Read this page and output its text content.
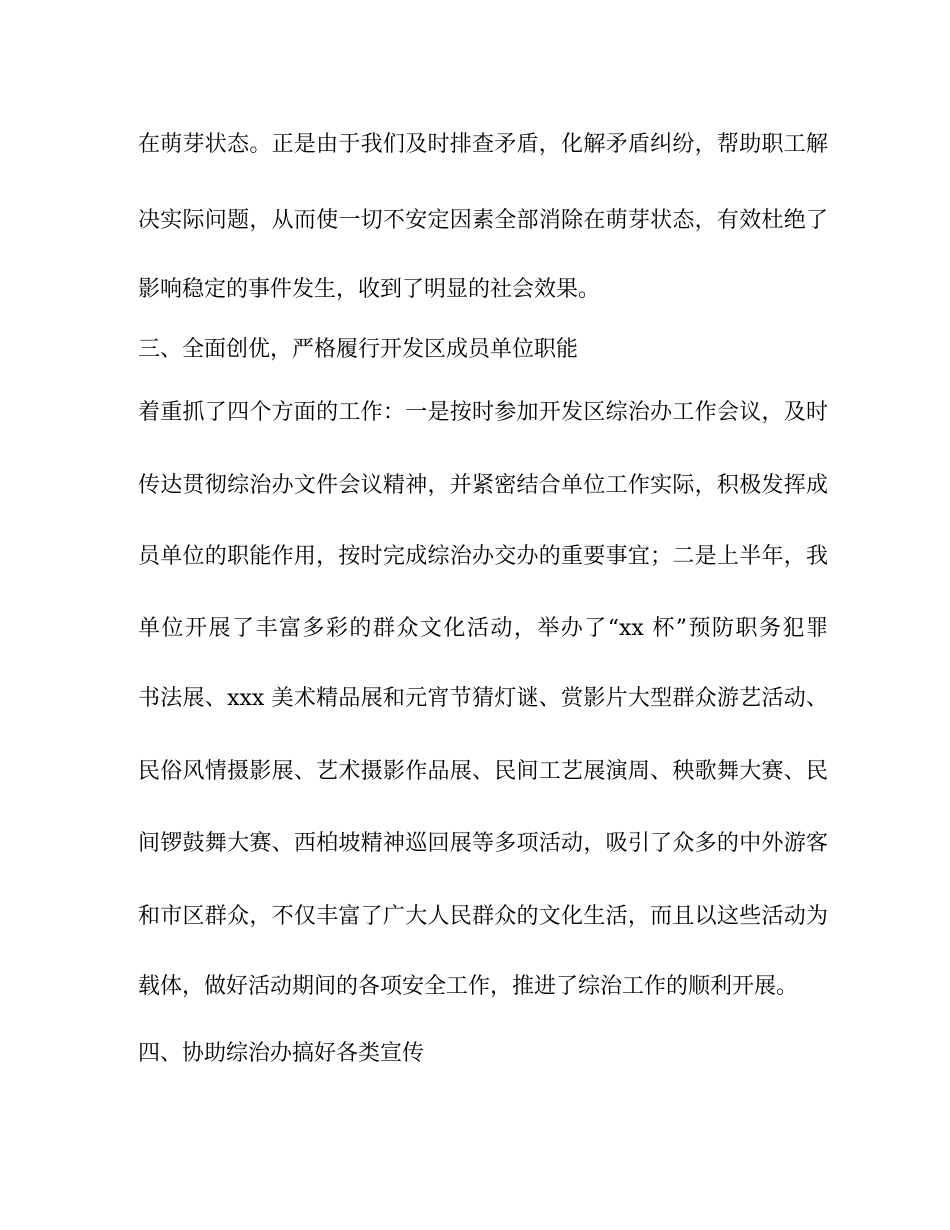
在萌芽状态。正是由于我们及时排查矛盾，化解矛盾纠纷，帮助职工解
决实际问题，从而使一切不安定因素全部消除在萌芽状态，有效杜绝了
影响稳定的事件发生，收到了明显的社会效果。
三、全面创优，严格履行开发区成员单位职能
着重抓了四个方面的工作：一是按时参加开发区综治办工作会议，及时
传达贯彻综治办文件会议精神，并紧密结合单位工作实际，积极发挥成
员单位的职能作用，按时完成综治办交办的重要事宜；二是上半年，我
单位开展了丰富多彩的群众文化活动，举办了“xx 杯”预防职务犯罪
书法展、xxx 美术精品展和元宵节猜灯谜、赏影片大型群众游艺活动、
民俗风情摄影展、艺术摄影作品展、民间工艺展演周、秧歌舞大赛、民
间锣鼓舞大赛、西柏坡精神巡回展等多项活动，吸引了众多的中外游客
和市区群众，不仅丰富了广大人民群众的文化生活，而且以这些活动为
载体，做好活动期间的各项安全工作，推进了综治工作的顺利开展。
四、协助综治办搞好各类宣传
